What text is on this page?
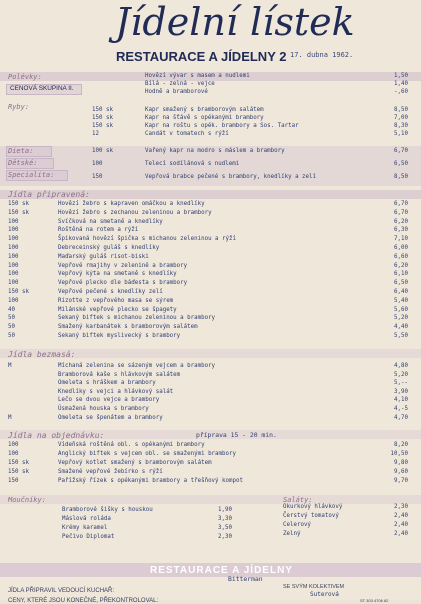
Jídelní lístek
RESTAURACE A JÍDELNY 2 17. dubna 1962.
Polévky:
CENOVÁ SKUPINA II.
Hovězí vývar s masem a nudlemi	1,50
Bílá - zelná - vejce	1,40
Hodně a bramborové	-,60
Ryby:	150 sk	Kapr smažený s bramborovým salátem	8,50
150 sk	Kapr na šťávě s opékanými brambory	7,00
150 sk	Kapr na roštu s opék. brambory a Sos. Tartar	8,30
12	Candát v tomatech s rýží	5,10
Dieta:	100 sk	Vařený kapr na modro s máslem a brambory	6,70
Dětské:	100	Telecí sodílánová s nudlemi	6,50
Specialita:	150	Vepřová brabce pečené s brambory, knedlíky a zelí	8,50
Jídla připravená:
150 sk	Hovězí žebro s kapraven omáčkou a knedlíky	6,70
150 sk	Hovězí žebro s zechanou zeleninou a brambory	6,70
100	Svíčková na smetaně a knedlíky	6,20
100	Roštěná na rotem a rýží	6,30
100	Špikovaná hovězí špička s michanou zeleninou a rýží	7,10
100	Debreceinský guláš s knedlíky	6,00
100	Maďarský guláš risot-biski	6,60
100	Vepřové rmajihy v zelenině a brambory	6,20
100	Vepřový kýta na smetaně s knedlíky	6,10
100	Vepřové plecko dle báďesta s brambory	6,50
150 sk	Vepřové pečené s knedlíky zelí	6,40
100	Rizotte z vepřového masa se sýrem	5,40
40	Milánské vepřové plecko se špagety	5,60
50	Sekaný biftek s michanou zeleninou a brambory	5,20
50	Smažený karbanátek s bramborovým salátem	4,40
50	Sekaný biftek myslivecký s brambory	5,50
Jídla bezmasá:
M	Míchaná zelenina se sázeným vejcem a brambory	4,80
Bramborová kaše s hlávkovým salátem	5,20
Omeleta s hráškem a brambory	5,--
Knedlíky s vejci a hlávkový salát	3,90
Lečo se dvou vejce a brambory	4,10
Úsmažená houska s brambory	4,-5
M	Omeleta se špenátem a brambory	4,70
Jídla na objednávku:	příprava 15 - 20 min.
100	Vídeňská roštěná obl. s opékanými brambory	8,20
100	Anglický biftek s vejcem obl. se smaženými brambory	10,50
150 sk	Vepřový kotlet smažený s bramborovým salátem	9,80
150 sk	Smažené vepřové žebírko s rýží	9,60
150	Pařížský řízek s opékanými brambory a třešňový kompot	9,70
Moučníky:	Saláty:
Bramborové šišky s houskou	1,90
Máslová roláda	3,30
Krémy karamel	3,50
Pečivo Diplomat	2,30
Okurkový hlávkový	2,30
Čerstvý tomatový	2,40
Celerový	2,40
Zelný	2,40
RESTAURACE A JÍDELNY
Bitterman
JÍDLA PŘIPRAVIL VEDOUCÍ KUCHAŘ:
SE SVÝM KOLEKTIVEM
Suterová
CENY, KTERÉ JSOU KONEČNÉ, PŘEKONTROLOVAL:	ST 303 4706 62
